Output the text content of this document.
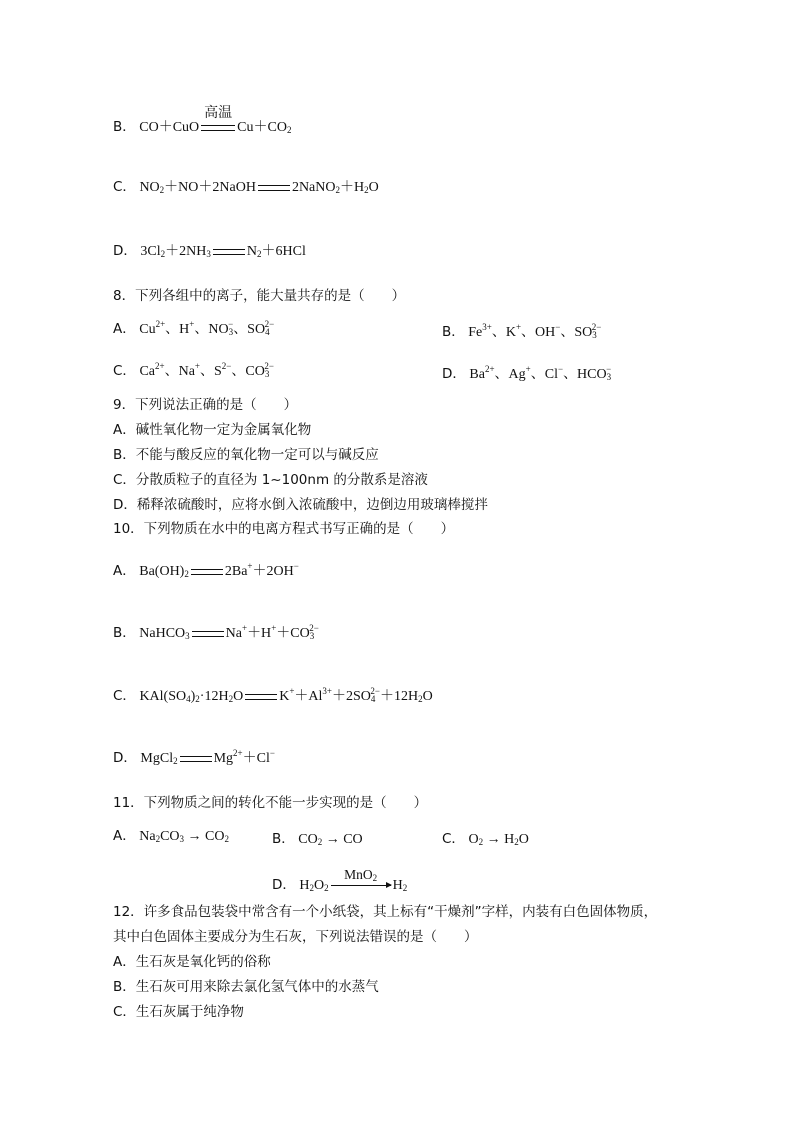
B． CO＋CuO
高温
$Cu+CO_2$
C． $NO_2+NO+2NaOH$	$2NaNO_2+H_2O$
D． $3Cl_2+2NH_3$	$N_2+6HCl$
8．下列各组中的离子，能大量共存的是（　　）
A． $Cu^{2+}$、H+、$NO_3^-$、$SO_4^{2-}$	B． $Fe^{3+}$、K+、OH−、$SO_3^{2-}$
C． $Ca^{2+}$、Na+、$S^{2-}$、$CO_3^{2-}$	D． $Ba^{2+}$、Ag+、Cl−、$HCO_3^-$
9．下列说法正确的是（　　）
A．碱性氧化物一定为金属氧化物
B．不能与酸反应的氧化物一定可以与碱反应
C．分散质粒子的直径为 1~100nm 的分散系是溶液
D．稀释浓硫酸时，应将水倒入浓硫酸中，边倒边用玻璃棒搅拌
10．下列物质在水中的电离方程式书写正确的是（　　）
A． $Ba(OH)_2$	2Ba+＋2OH−
B． NaHCO$_3$	$Na^++H^++CO_3^{2-}$
C． $KAl(SO_4)_2\cdot 12H_2O$	$K^++Al^{3+}+2SO_4^{2-}+12H_2O$
D． MgCl$_2$	$Mg^{2+}+Cl^-$
11．下列物质之间的转化不能一步实现的是（　　）
A． $Na_2CO_3 \to CO_2$	B． $CO_2$ → CO	C． $O_2 \to H_2O$
D． $H_2O_2$
MnO$_2$ $H_2$
12．许多食品包装袋中常含有一个小纸袋，其上标有“干燥剂”字样，内装有白色固体物质，
其中白色固体主要成分为生石灰，下列说法错误的是（　　）
A．生石灰是氧化钙的俗称
B．生石灰可用来除去氯化氢气体中的水蒸气
C．生石灰属于纯净物
